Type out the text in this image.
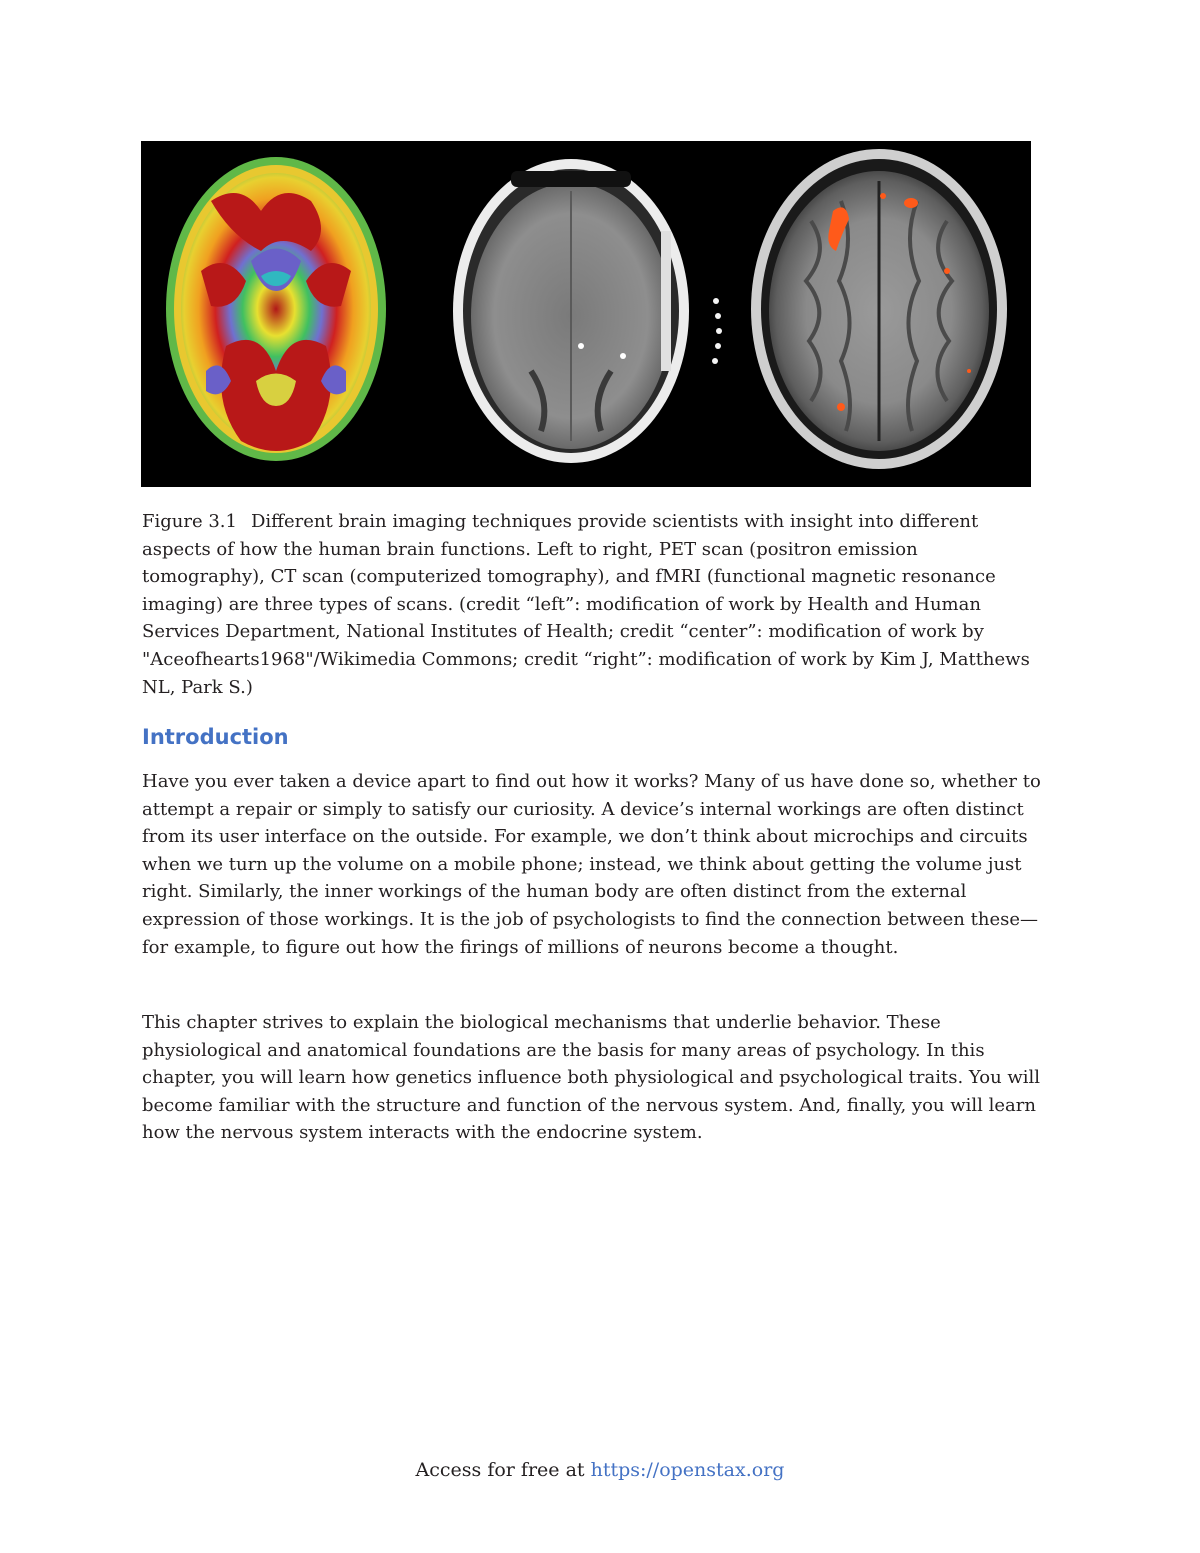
Figure 3.1 Different brain imaging techniques provide scientists with insight into different aspects of how the human brain functions. Left to right, PET scan (positron emission tomography), CT scan (computerized tomography), and fMRI (functional magnetic resonance imaging) are three types of scans. (credit “left”: modification of work by Health and Human Services Department, National Institutes of Health; credit “center”: modification of work by "Aceofhearts1968"/Wikimedia Commons; credit “right”: modification of work by Kim J, Matthews NL, Park S.)
Introduction

Have you ever taken a device apart to find out how it works? Many of us have done so, whether to attempt a repair or simply to satisfy our curiosity. A device’s internal workings are often distinct from its user interface on the outside. For example, we don’t think about microchips and circuits when we turn up the volume on a mobile phone; instead, we think about getting the volume just right. Similarly, the inner workings of the human body are often distinct from the external expression of those workings. It is the job of psychologists to find the connection between these—for example, to figure out how the firings of millions of neurons become a thought.

This chapter strives to explain the biological mechanisms that underlie behavior. These physiological and anatomical foundations are the basis for many areas of psychology. In this chapter, you will learn how genetics influence both physiological and psychological traits. You will become familiar with the structure and function of the nervous system. And, finally, you will learn how the nervous system interacts with the endocrine system.

Access for free at https://openstax.org
